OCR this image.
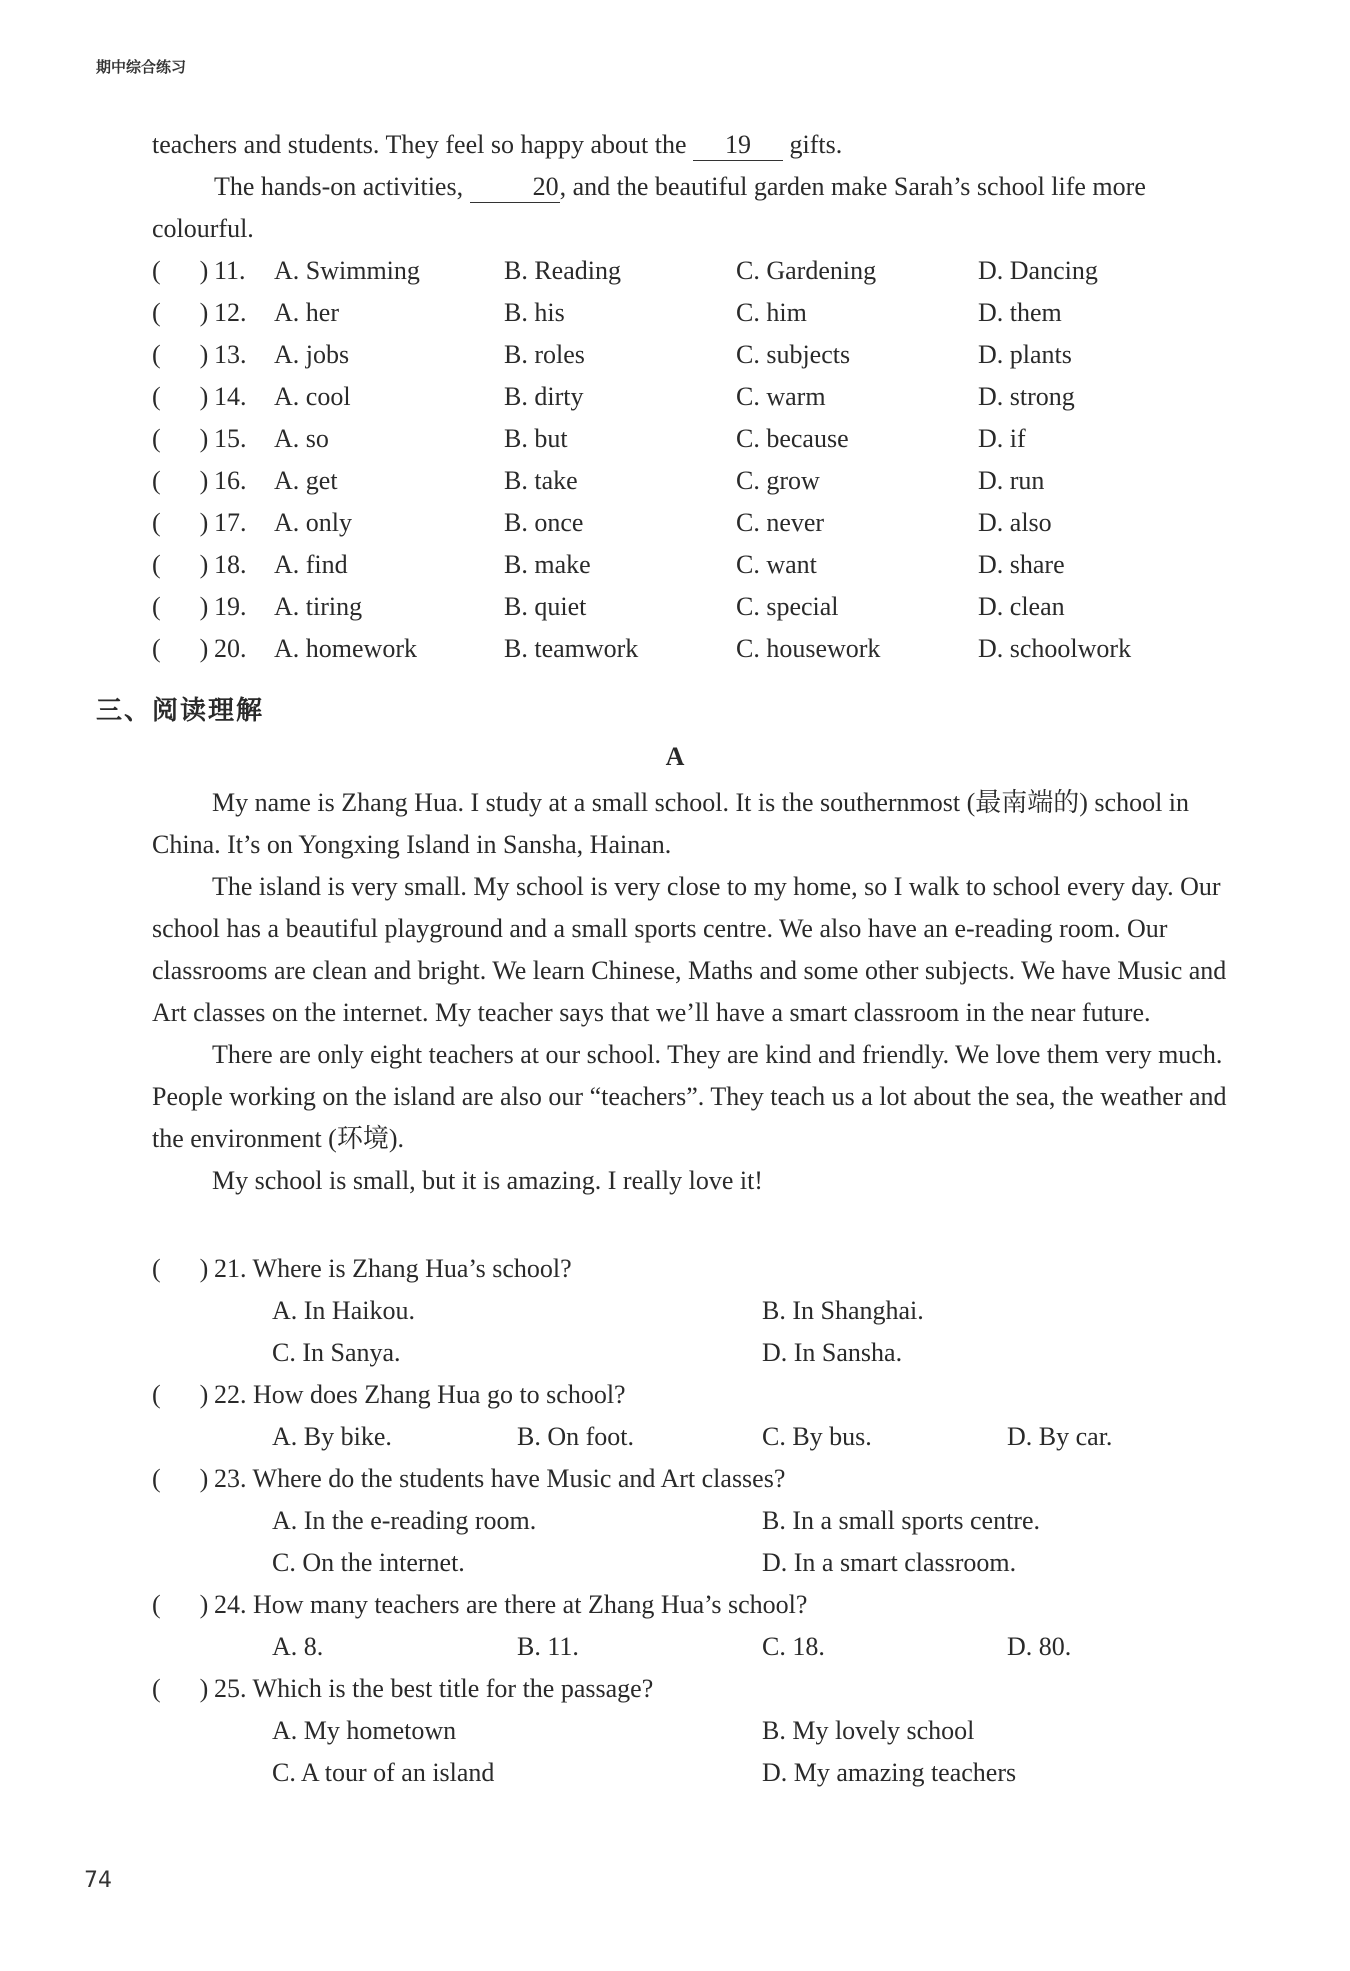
期中综合练习
teachers and students. They feel so happy about the 19 gifts.
The hands-on activities,	20, and the beautiful garden make Sarah’s school life more
colourful.
(      ) 11.	A. Swimming	B. Reading	C. Gardening	D. Dancing
(      ) 12.	A. her	B. his	C. him	D. them
(      ) 13.	A. jobs	B. roles	C. subjects	D. plants
(      ) 14.	A. cool	B. dirty	C. warm	D. strong
(      ) 15.	A. so	B. but	C. because	D. if
(      ) 16.	A. get	B. take	C. grow	D. run
(      ) 17.	A. only	B. once	C. never	D. also
(      ) 18.	A. find	B. make	C. want	D. share
(      ) 19.	A. tiring	B. quiet	C. special	D. clean
(      ) 20.	A. homework	B. teamwork	C. housework	D. schoolwork
三、阅读理解
A

My name is Zhang Hua. I study at a small school. It is the southernmost (最南端的) school in China. It’s on Yongxing Island in Sansha, Hainan.

The island is very small. My school is very close to my home, so I walk to school every day. Our school has a beautiful playground and a small sports centre. We also have an e-reading room. Our classrooms are clean and bright. We learn Chinese, Maths and some other subjects. We have Music and Art classes on the internet. My teacher says that we’ll have a smart classroom in the near future.

There are only eight teachers at our school. They are kind and friendly. We love them very much. People working on the island are also our “teachers”. They teach us a lot about the sea, the weather and the environment (环境).

My school is small, but it is amazing. I really love it!

(      ) 21. Where is Zhang Hua’s school?
A. In Haikou.	B. In Shanghai.
C. In Sanya.	D. In Sansha.
(      ) 22. How does Zhang Hua go to school?
A. By bike.	B. On foot.	C. By bus.	D. By car.
(      ) 23. Where do the students have Music and Art classes?
A. In the e-reading room.	B. In a small sports centre.
C. On the internet.	D. In a smart classroom.
(      ) 24. How many teachers are there at Zhang Hua’s school?
A. 8.	B. 11.	C. 18.	D. 80.
(      ) 25. Which is the best title for the passage?
A. My hometown	B. My lovely school
C. A tour of an island	D. My amazing teachers
74
